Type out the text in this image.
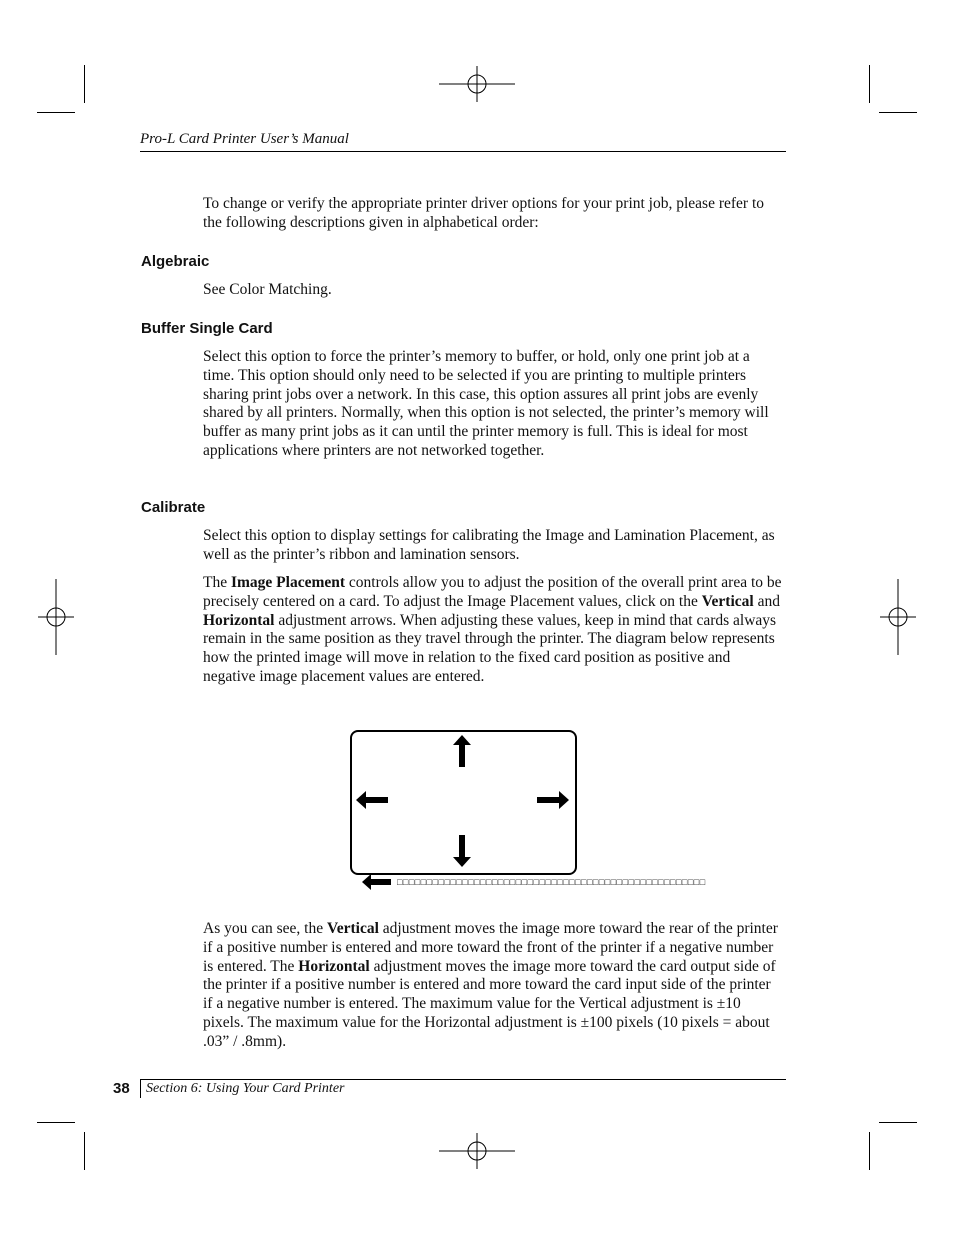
Pro-L Card Printer User’s Manual
To change or verify the appropriate printer driver options for your print job, please refer to the following descriptions given in alphabetical order:
Algebraic
See Color Matching.
Buffer Single Card
Select this option to force the printer’s memory to buffer, or hold, only one print job at a time. This option should only need to be selected if you are printing to multiple printers sharing print jobs over a network. In this case, this option assures all print jobs are evenly shared by all printers. Normally, when this option is not selected, the printer’s memory will buffer as many print jobs as it can until the printer memory is full. This is ideal for most applications where printers are not networked together.
Calibrate
Select this option to display settings for calibrating the Image and Lamination Placement, as well as the printer’s ribbon and lamination sensors.
The Image Placement controls allow you to adjust the position of the overall print area to be precisely centered on a card. To adjust the Image Placement values, click on the Vertical and Horizontal adjustment arrows. When adjusting these values, keep in mind that cards always remain in the same position as they travel through the printer. The diagram below represents how the printed image will move in relation to the fixed card position as positive and negative image placement values are entered.
□□□□□□□□□□□□□□□□□□□□□□□□□□□□□□□□□□□□□□□□□□□□□□□□□□□□
As you can see, the Vertical adjustment moves the image more toward the rear of the printer if a positive number is entered and more toward the front of the printer if a negative number is entered. The Horizontal adjustment moves the image more toward the card output side of the printer if a positive number is entered and more toward the card input side of the printer if a negative number is entered. The maximum value for the Vertical adjustment is ±10 pixels. The maximum value for the Horizontal adjustment is ±100 pixels (10 pixels = about .03” / .8mm).
38 Section 6: Using Your Card Printer
